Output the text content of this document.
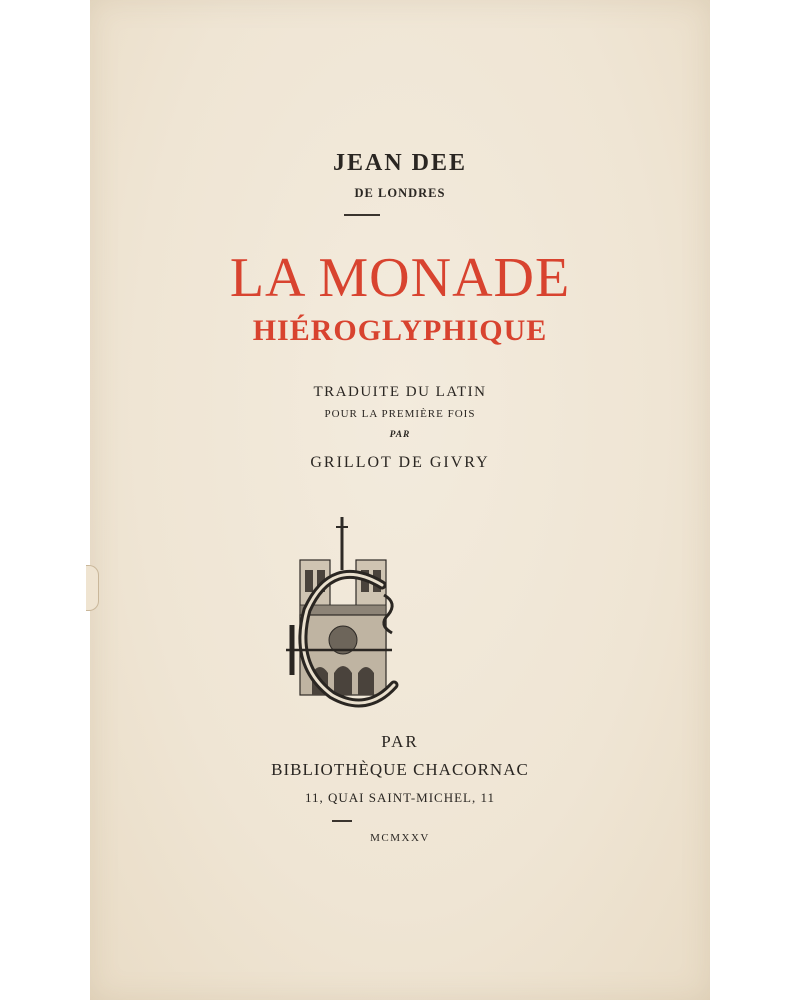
JEAN DEE
DE LONDRES
LA MONADE
HIÉROGLYPHIQUE
TRADUITE DU LATIN
POUR LA PREMIÈRE FOIS
PAR
GRILLOT DE GIVRY
PAR
BIBLIOTHÈQUE CHACORNAC
11, QUAI SAINT-MICHEL, 11
MCMXXV
